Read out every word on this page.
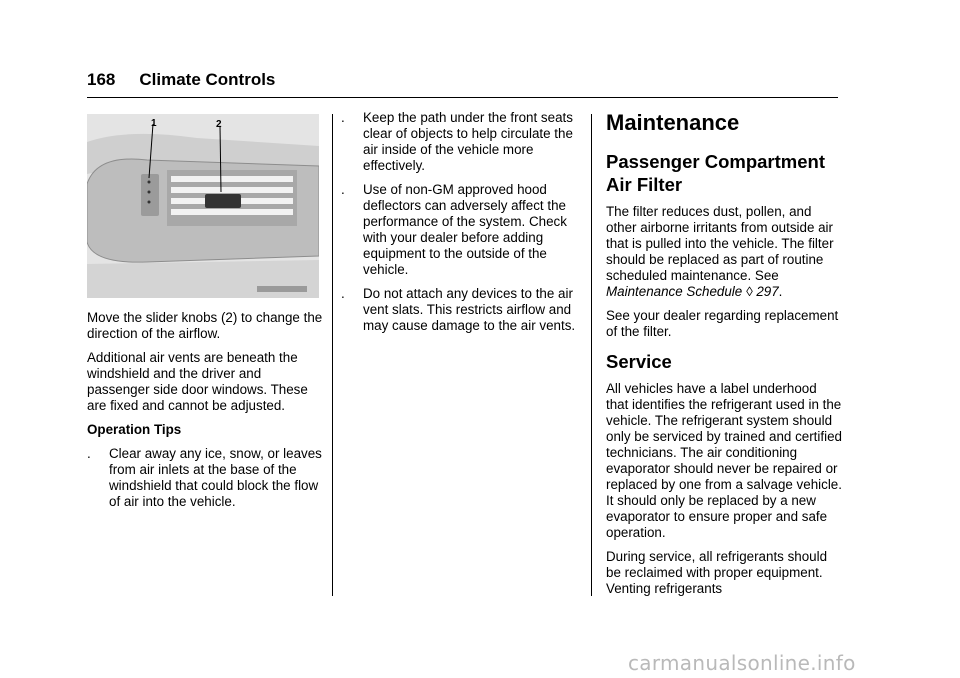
168 Climate Controls
1	2

Move the slider knobs (2) to change the direction of the airflow.

Additional air vents are beneath the windshield and the driver and passenger side door windows. These are fixed and cannot be adjusted.

Operation Tips

.	Clear away any ice, snow, or leaves from air inlets at the base of the windshield that could block the flow of air into the vehicle.
.	Keep the path under the front seats clear of objects to help circulate the air inside of the vehicle more effectively.
.	Use of non-GM approved hood deflectors can adversely affect the performance of the system. Check with your dealer before adding equipment to the outside of the vehicle.
.	Do not attach any devices to the air vent slats. This restricts airflow and may cause damage to the air vents.
Maintenance
Passenger Compartment Air Filter

The filter reduces dust, pollen, and other airborne irritants from outside air that is pulled into the vehicle. The filter should be replaced as part of routine scheduled maintenance. See Maintenance Schedule ◊ 297.

See your dealer regarding replacement of the filter.

Service

All vehicles have a label underhood that identifies the refrigerant used in the vehicle. The refrigerant system should only be serviced by trained and certified technicians. The air conditioning evaporator should never be repaired or replaced by one from a salvage vehicle. It should only be replaced by a new evaporator to ensure proper and safe operation.

During service, all refrigerants should be reclaimed with proper equipment. Venting refrigerants

carmanualsonline.info
